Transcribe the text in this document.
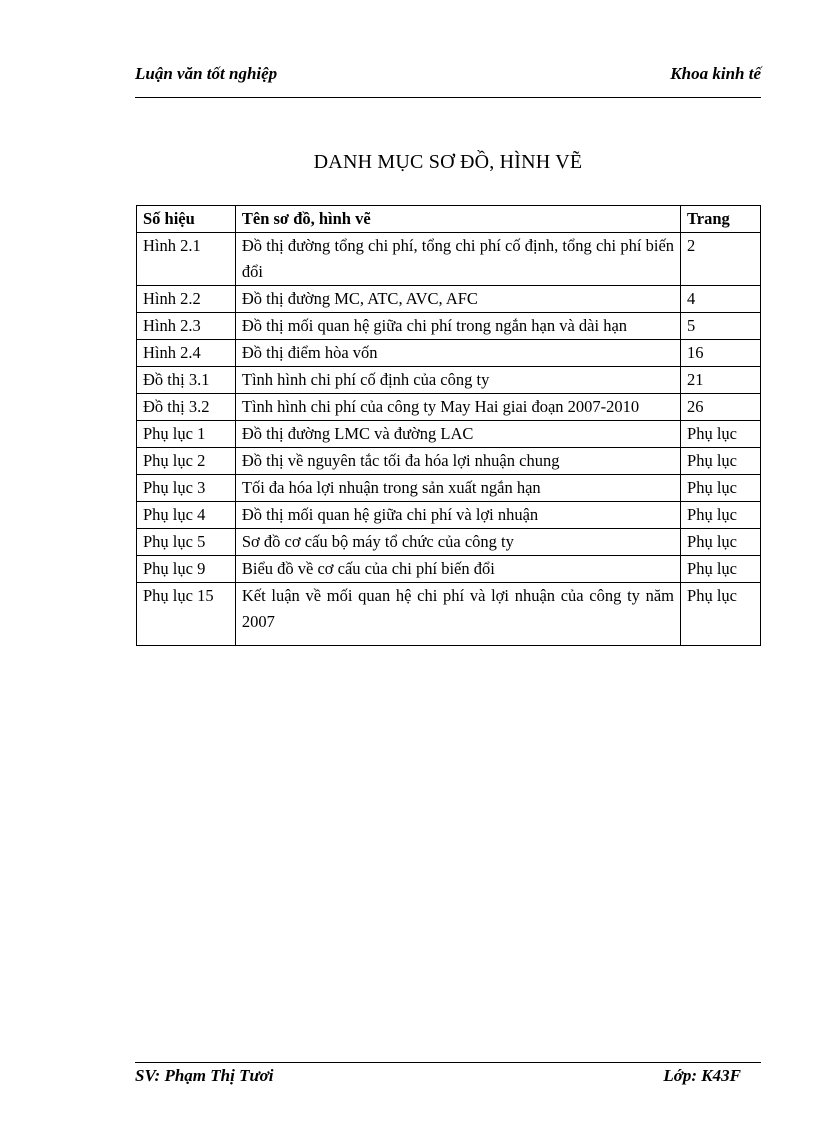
Luận văn tốt nghiệp	Khoa kinh tế
DANH MỤC SƠ ĐỒ, HÌNH VẼ
Số hiệu	Tên sơ đồ, hình vẽ	Trang
Hình 2.1	Đồ thị đường tổng chi phí, tổng chi phí cố định, tổng chi phí biến đổi	2
Hình 2.2	Đồ thị đường MC, ATC, AVC, AFC	4
Hình 2.3	Đồ thị mối quan hệ giữa chi phí trong ngắn hạn và dài hạn	5
Hình 2.4	Đồ thị điểm hòa vốn	16
Đồ thị 3.1	Tình hình chi phí cố định của công ty	21
Đồ thị 3.2	Tình hình chi phí của công ty May Hai giai đoạn 2007-2010	26
Phụ lục 1	Đồ thị đường LMC và đường LAC	Phụ lục
Phụ lục 2	Đồ thị về nguyên tắc tối đa hóa lợi nhuận chung	Phụ lục
Phụ lục 3	Tối đa hóa lợi nhuận trong sản xuất ngắn hạn	Phụ lục
Phụ lục 4	Đồ thị mối quan hệ giữa chi phí và lợi nhuận	Phụ lục
Phụ lục 5	Sơ đồ cơ cấu bộ máy tổ chức của công ty	Phụ lục
Phụ lục 9	Biểu đồ về cơ cấu của chi phí biến đổi	Phụ lục
Phụ lục 15	Kết luận về mối quan hệ chi phí và lợi nhuận của công ty năm 2007	Phụ lục
SV: Phạm Thị Tươi	Lớp: K43F
